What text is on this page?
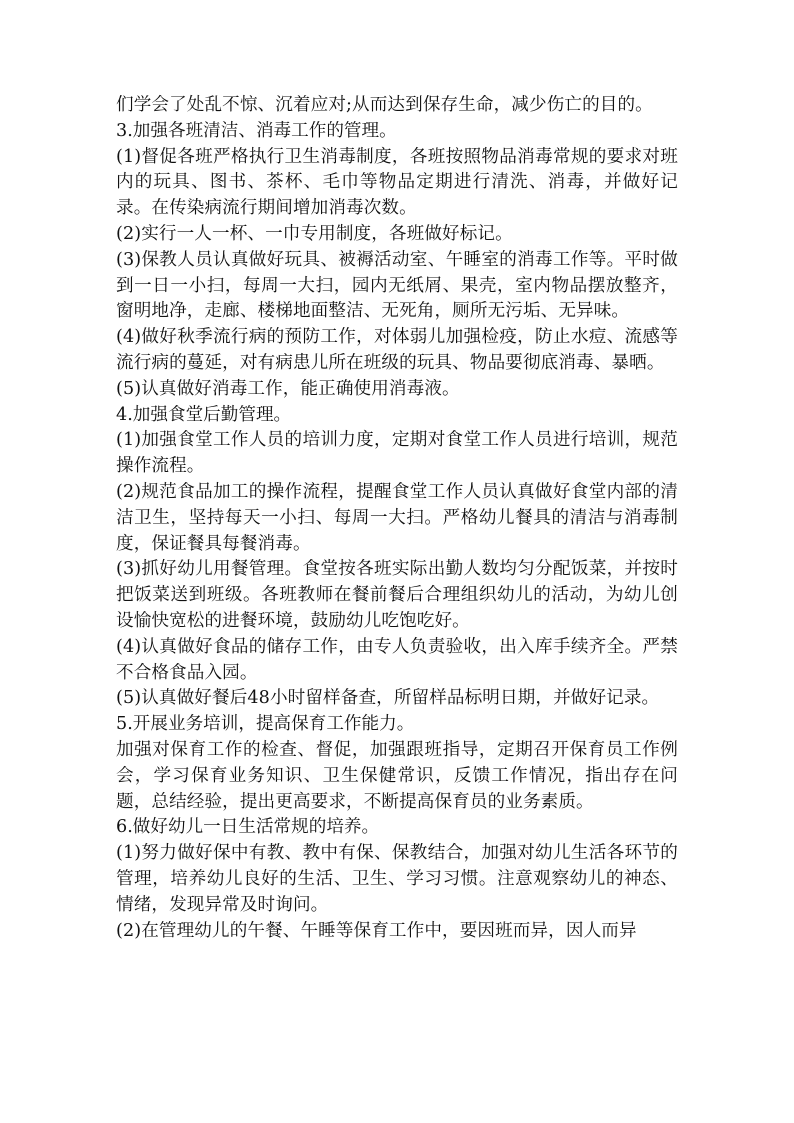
们学会了处乱不惊、沉着应对;从而达到保存生命，减少伤亡的目的。

3.加强各班清洁、消毒工作的管理。

(1)督促各班严格执行卫生消毒制度，各班按照物品消毒常规的要求对班内的玩具、图书、茶杯、毛巾等物品定期进行清洗、消毒，并做好记录。在传染病流行期间增加消毒次数。

(2)实行一人一杯、一巾专用制度，各班做好标记。

(3)保教人员认真做好玩具、被褥活动室、午睡室的消毒工作等。平时做到一日一小扫，每周一大扫，园内无纸屑、果壳，室内物品摆放整齐，窗明地净，走廊、楼梯地面整洁、无死角，厕所无污垢、无异味。

(4)做好秋季流行病的预防工作，对体弱儿加强检疫，防止水痘、流感等流行病的蔓延，对有病患儿所在班级的玩具、物品要彻底消毒、暴晒。

(5)认真做好消毒工作，能正确使用消毒液。

4.加强食堂后勤管理。

(1)加强食堂工作人员的培训力度，定期对食堂工作人员进行培训，规范操作流程。

(2)规范食品加工的操作流程，提醒食堂工作人员认真做好食堂内部的清洁卫生，坚持每天一小扫、每周一大扫。严格幼儿餐具的清洁与消毒制度，保证餐具每餐消毒。

(3)抓好幼儿用餐管理。食堂按各班实际出勤人数均匀分配饭菜，并按时把饭菜送到班级。各班教师在餐前餐后合理组织幼儿的活动，为幼儿创设愉快宽松的进餐环境，鼓励幼儿吃饱吃好。

(4)认真做好食品的储存工作，由专人负责验收，出入库手续齐全。严禁不合格食品入园。

(5)认真做好餐后48小时留样备查，所留样品标明日期，并做好记录。

5.开展业务培训，提高保育工作能力。

加强对保育工作的检查、督促，加强跟班指导，定期召开保育员工作例会，学习保育业务知识、卫生保健常识，反馈工作情况，指出存在问题，总结经验，提出更高要求，不断提高保育员的业务素质。

6.做好幼儿一日生活常规的培养。

(1)努力做好保中有教、教中有保、保教结合，加强对幼儿生活各环节的管理，培养幼儿良好的生活、卫生、学习习惯。注意观察幼儿的神态、情绪，发现异常及时询问。

(2)在管理幼儿的午餐、午睡等保育工作中，要因班而异，因人而异
